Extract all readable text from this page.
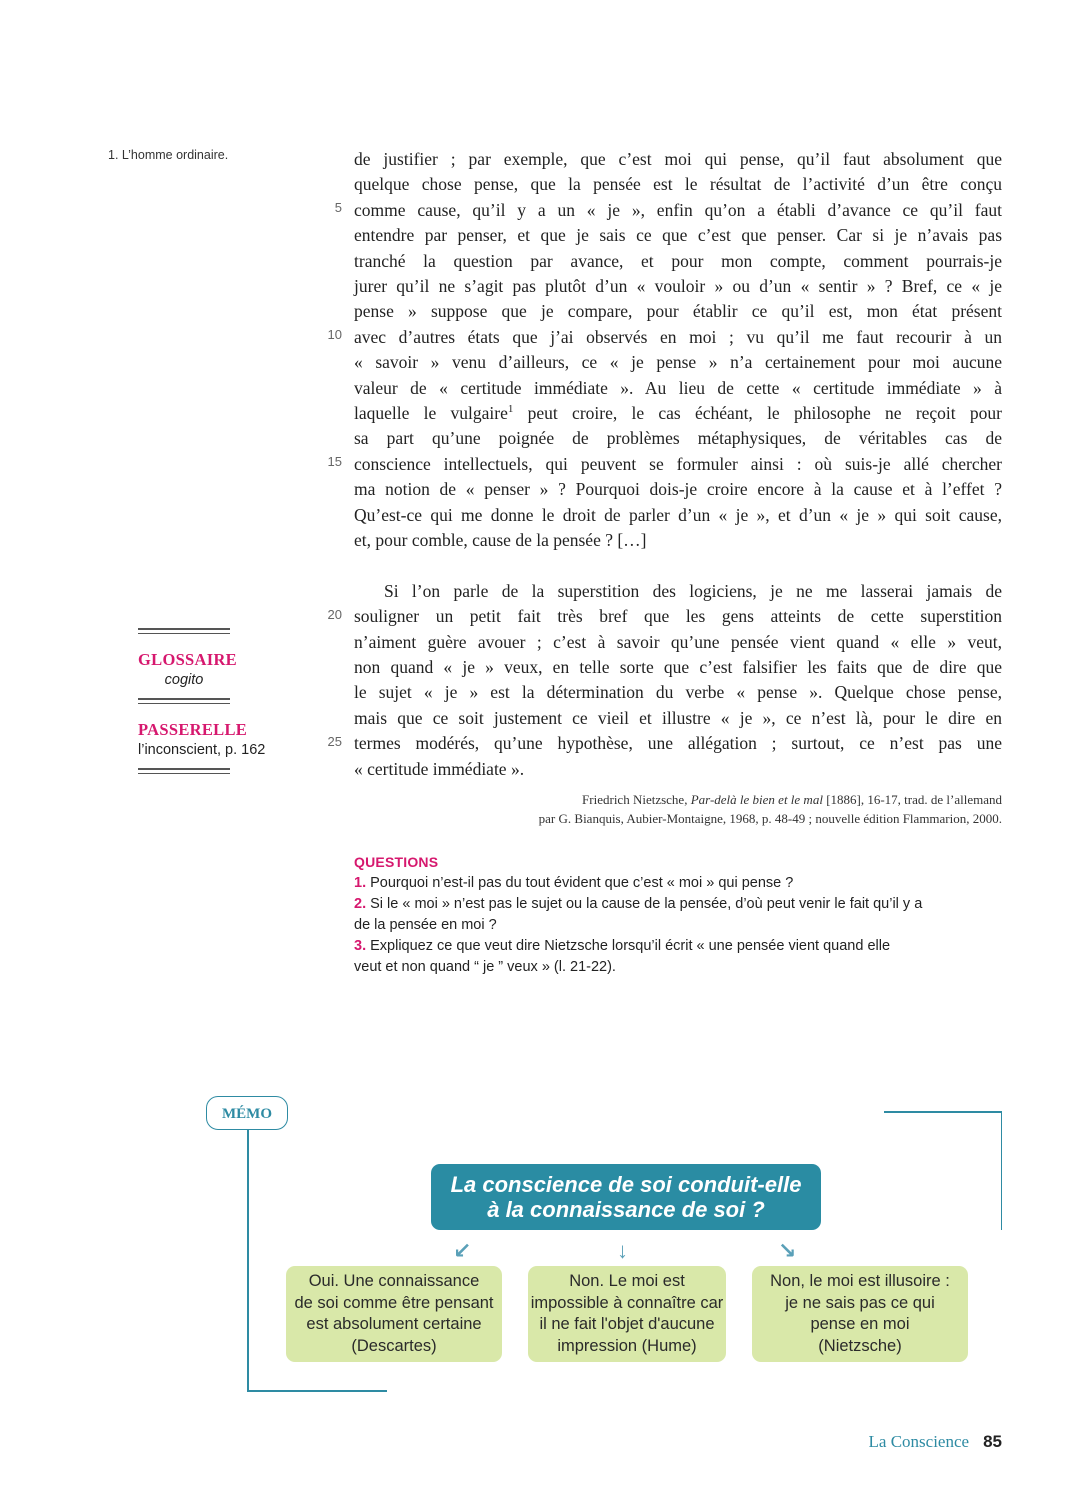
1. L’homme ordinaire.	de justifier ; par exemple, que c’est moi qui pense, qu’il faut absolument que
quelque chose pense, que la pensée est le résultat de l’activité d’un être conçu
comme cause, qu’il y a un « je », enfin qu’on a établi d’avance ce qu’il faut
entendre par penser, et que je sais ce que c’est que penser. Car si je n’avais pas
tranché la question par avance, et pour mon compte, comment pourrais-je
jurer qu’il ne s’agit pas plutôt d’un « vouloir » ou d’un « sentir » ? Bref, ce « je
pense » suppose que je compare, pour établir ce qu’il est, mon état présent
avec d’autres états que j’ai observés en moi ; vu qu’il me faut recourir à un
« savoir » venu d’ailleurs, ce « je pense » n’a certainement pour moi aucune
valeur de « certitude immédiate ». Au lieu de cette « certitude immédiate » à
laquelle le vulgaire$^1$ peut croire, le cas échéant, le philosophe ne reçoit pour
sa part qu’une poignée de problèmes métaphysiques, de véritables cas de
conscience intellectuels, qui peuvent se formuler ainsi : où suis-je allé chercher
ma notion de « penser » ? Pourquoi dois-je croire encore à la cause et à l’effet ?
Qu’est-ce qui me donne le droit de parler d’un « je », et d’un « je » qui soit cause,
et, pour comble, cause de la pensée ? […]
Si l’on parle de la superstition des logiciens, je ne me lasserai jamais de
souligner un petit fait très bref que les gens atteints de cette superstition
n’aiment guère avouer ; c’est à savoir qu’une pensée vient quand « elle » veut,
non quand « je » veux, en telle sorte que c’est falsifier les faits que de dire que
le sujet « je » est la détermination du verbe « pense ». Quelque chose pense,
mais que ce soit justement ce vieil et illustre « je », ce n’est là, pour le dire en
termes modérés, qu’une hypothèse, une allégation ; surtout, ce n’est pas une
« certitude immédiate ».
5
10
15
20
25
Friedrich Nietzsche, Par-delà le bien et le mal [1886], 16-17, trad. de l’allemand
par G. Bianquis, Aubier-Montaigne, 1968, p. 48-49 ; nouvelle édition Flammarion, 2000.
QUESTIONS
1. Pourquoi n’est-il pas du tout évident que c’est « moi » qui pense ?
2. Si le « moi » n’est pas le sujet ou la cause de la pensée, d’où peut venir le fait qu’il y a
de la pensée en moi ?
3. Expliquez ce que veut dire Nietzsche lorsqu’il écrit « une pensée vient quand elle
veut et non quand “ je ” veux » (l. 21-22).
GLOSSAIRE
cogito
PASSERELLE
l’inconscient, p. 162
MÉMO
La conscience de soi conduit-elle
à la connaissance de soi ?
↙	↓	↘
Oui. Une connaissance
de soi comme être pensant
est absolument certaine
(Descartes)
Non. Le moi est
impossible à connaître car
il ne fait l'objet d'aucune
impression (Hume)
Non, le moi est illusoire :
je ne sais pas ce qui
pense en moi
(Nietzsche)
La Conscience 85
